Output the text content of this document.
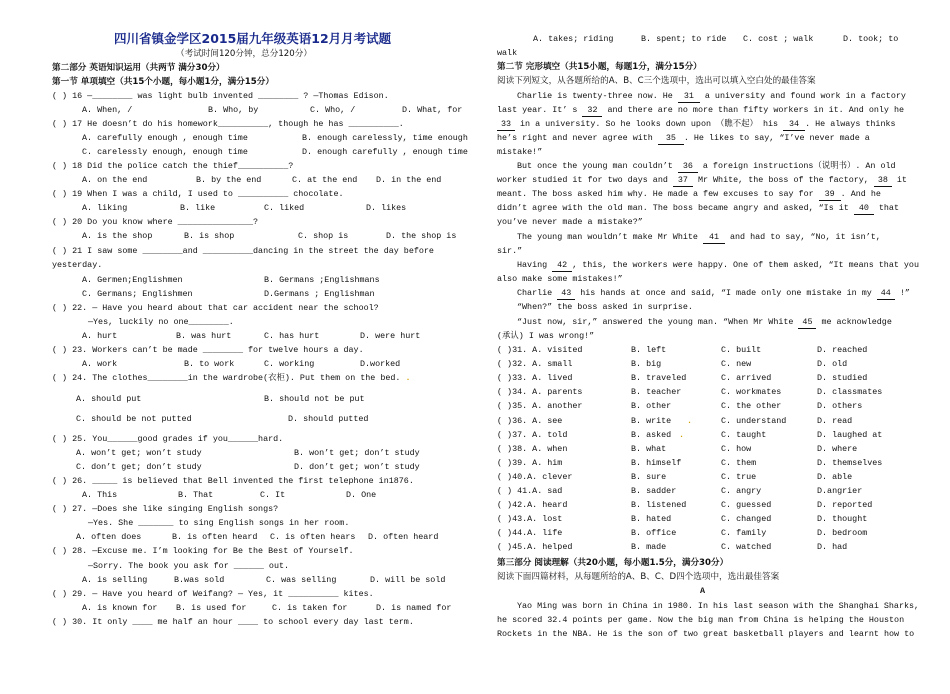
四川省镇金学区2015届九年级英语12月月考试题
（考试时间120分钟，总分120分）
第二部分 英语知识运用（共两节 满分30分）
第一节 单项填空（共15个小题，每小题1分，满分15分）
( ) 16 —________ was light bulb invented ________ ? —Thomas Edison.
A. When, /	B. Who, by	C. Who, /	D. What, for
( ) 17 He doesn’t do his homework__________, though he has __________.
A. carefully enough , enough time	B. enough carelessly, time enough
C. carelessly enough, enough time	D. enough carefully , enough time
( ) 18 Did the police catch the thief__________?
A. on the end	B. by the end	C. at the end D. in the end
( ) 19 When I was a child, I used to __________ chocolate.
A. liking	B. like	C. liked	D. likes
( ) 20 Do you know where _______________?
A. is the shop	B. is shop	C. shop is	D. the shop is
( ) 21 I saw some ________and __________dancing in the street the day before
yesterday.
A. Germen;Englishmen	B. Germans ;Englishmans
C. Germans; Englishmen	D.Germans ; Englishman
( ) 22. — Have you heard about that car accident near the school?
—Yes, luckily no one________.
A. hurt	B. was hurt	C. has hurt	D. were hurt
( ) 23. Workers can’t be made ________ for twelve hours a day.
A. work	B. to work	C. working	D.worked
( ) 24. The clothes________in the wardrobe(衣柜). Put them on the bed. .
A. should put	B. should not be put
C. should be not putted	D. should putted
( ) 25. You______good grades if you______hard.
A. won’t get; won’t study	B. won’t get; don’t study
C. don’t get; don’t study	D. don’t get; won’t study
( ) 26. _____ is believed that Bell invented the first telephone in1876.
A. This	B. That	C. It	D. One
( ) 27. —Does she like singing English songs?
—Yes. She _______ to sing English songs in her room.
A. often does	B. is often heard C. is often hears D. often heard
( ) 28. —Excuse me. I’m looking for Be the Best of Yourself.
—Sorry. The book you ask for ______ out.
A. is selling	B.was sold	C. was selling	D. will be sold
( ) 29. — Have you heard of Weifang? — Yes, it __________ kites.
A. is known for B. is used for	C. is taken for	D. is named for
( ) 30. It only ____ me half an hour ____ to school every day last term.
A. takes; riding	B. spent; to ride C. cost ; walk	D. took; to
walk
第二节 完形填空（共15小题，每题1分，满分15分）
阅读下列短文，从各题所给的A、B、C三个选项中，选出可以填入空白处的最佳答案
Charlie is twenty-three now. He 31 a university and found work in a factory
last year. It’ s 32 and there are no more than fifty workers in it. And only he
33 in a university. So he looks down upon （瞧不起） his 34 . He always thinks
he’s right and never agree with 35 . He likes to say, “I’ve never made a
mistake!”
But once the young man couldn’t 36 a foreign instructions（说明书）. An old
worker studied it for two days and 37 Mr White, the boss of the factory, 38 it
meant. The boss asked him why. He made a few excuses to say for 39 . And he
didn’t agree with the old man. The boss became angry and asked, “Is it 40 that
you’ve never made a mistake?”
The young man wouldn’t make Mr White 41 and had to say, “No, it isn’t,
sir.”
Having 42 , this, the workers were happy. One of them asked, “It means that you
also make some mistakes!”
Charlie 43 his hands at once and said, “I made only one mistake in my 44 !”
“When?” the boss asked in surprise.
“Just now, sir,” answered the young man. “When Mr White 45 me acknowledge
(承认) I was wrong!”
( )31. A. visited	B. left	C. built	D. reached
( )32. A. small	B. big	C. new	D. old
( )33. A. lived	B. traveled	C. arrived	D. studied
( )34. A. parents	B. teacher	C. workmates	D. classmates
( )35. A. another	B. other	C. the other	D. others
( )36. A. see	B. write	C. understand	D. read
.
( )37. A. told	B. asked	C. taught	D. laughed at
.
( )38. A. when	B. what	C. how	D. where
( )39. A. him	B. himself	C. them	D. themselves
( )40.A. clever	B. sure	C. true	D. able
( ) 41.A. sad	B. sadder	C. angry	D.angrier
( )42.A. heard	B. listened	C. guessed	D. reported
( )43.A. lost	B. hated	C. changed	D. thought
( )44.A. life	B. office	C. family	D. bedroom
( )45.A. helped	B. made	C. watched	D. had
第三部分 阅读理解（共20小题，每小题1.5分，满分30分）
阅读下面四篇材料，从每题所给的A、B、C、D四个选项中，选出最佳答案
A
Yao Ming was born in China in 1980. In his last season with the Shanghai Sharks,
he scored 32.4 points per game. Now the big man from China is helping the Houston
Rockets in the NBA. He is the son of two great basketball players and learnt how to
